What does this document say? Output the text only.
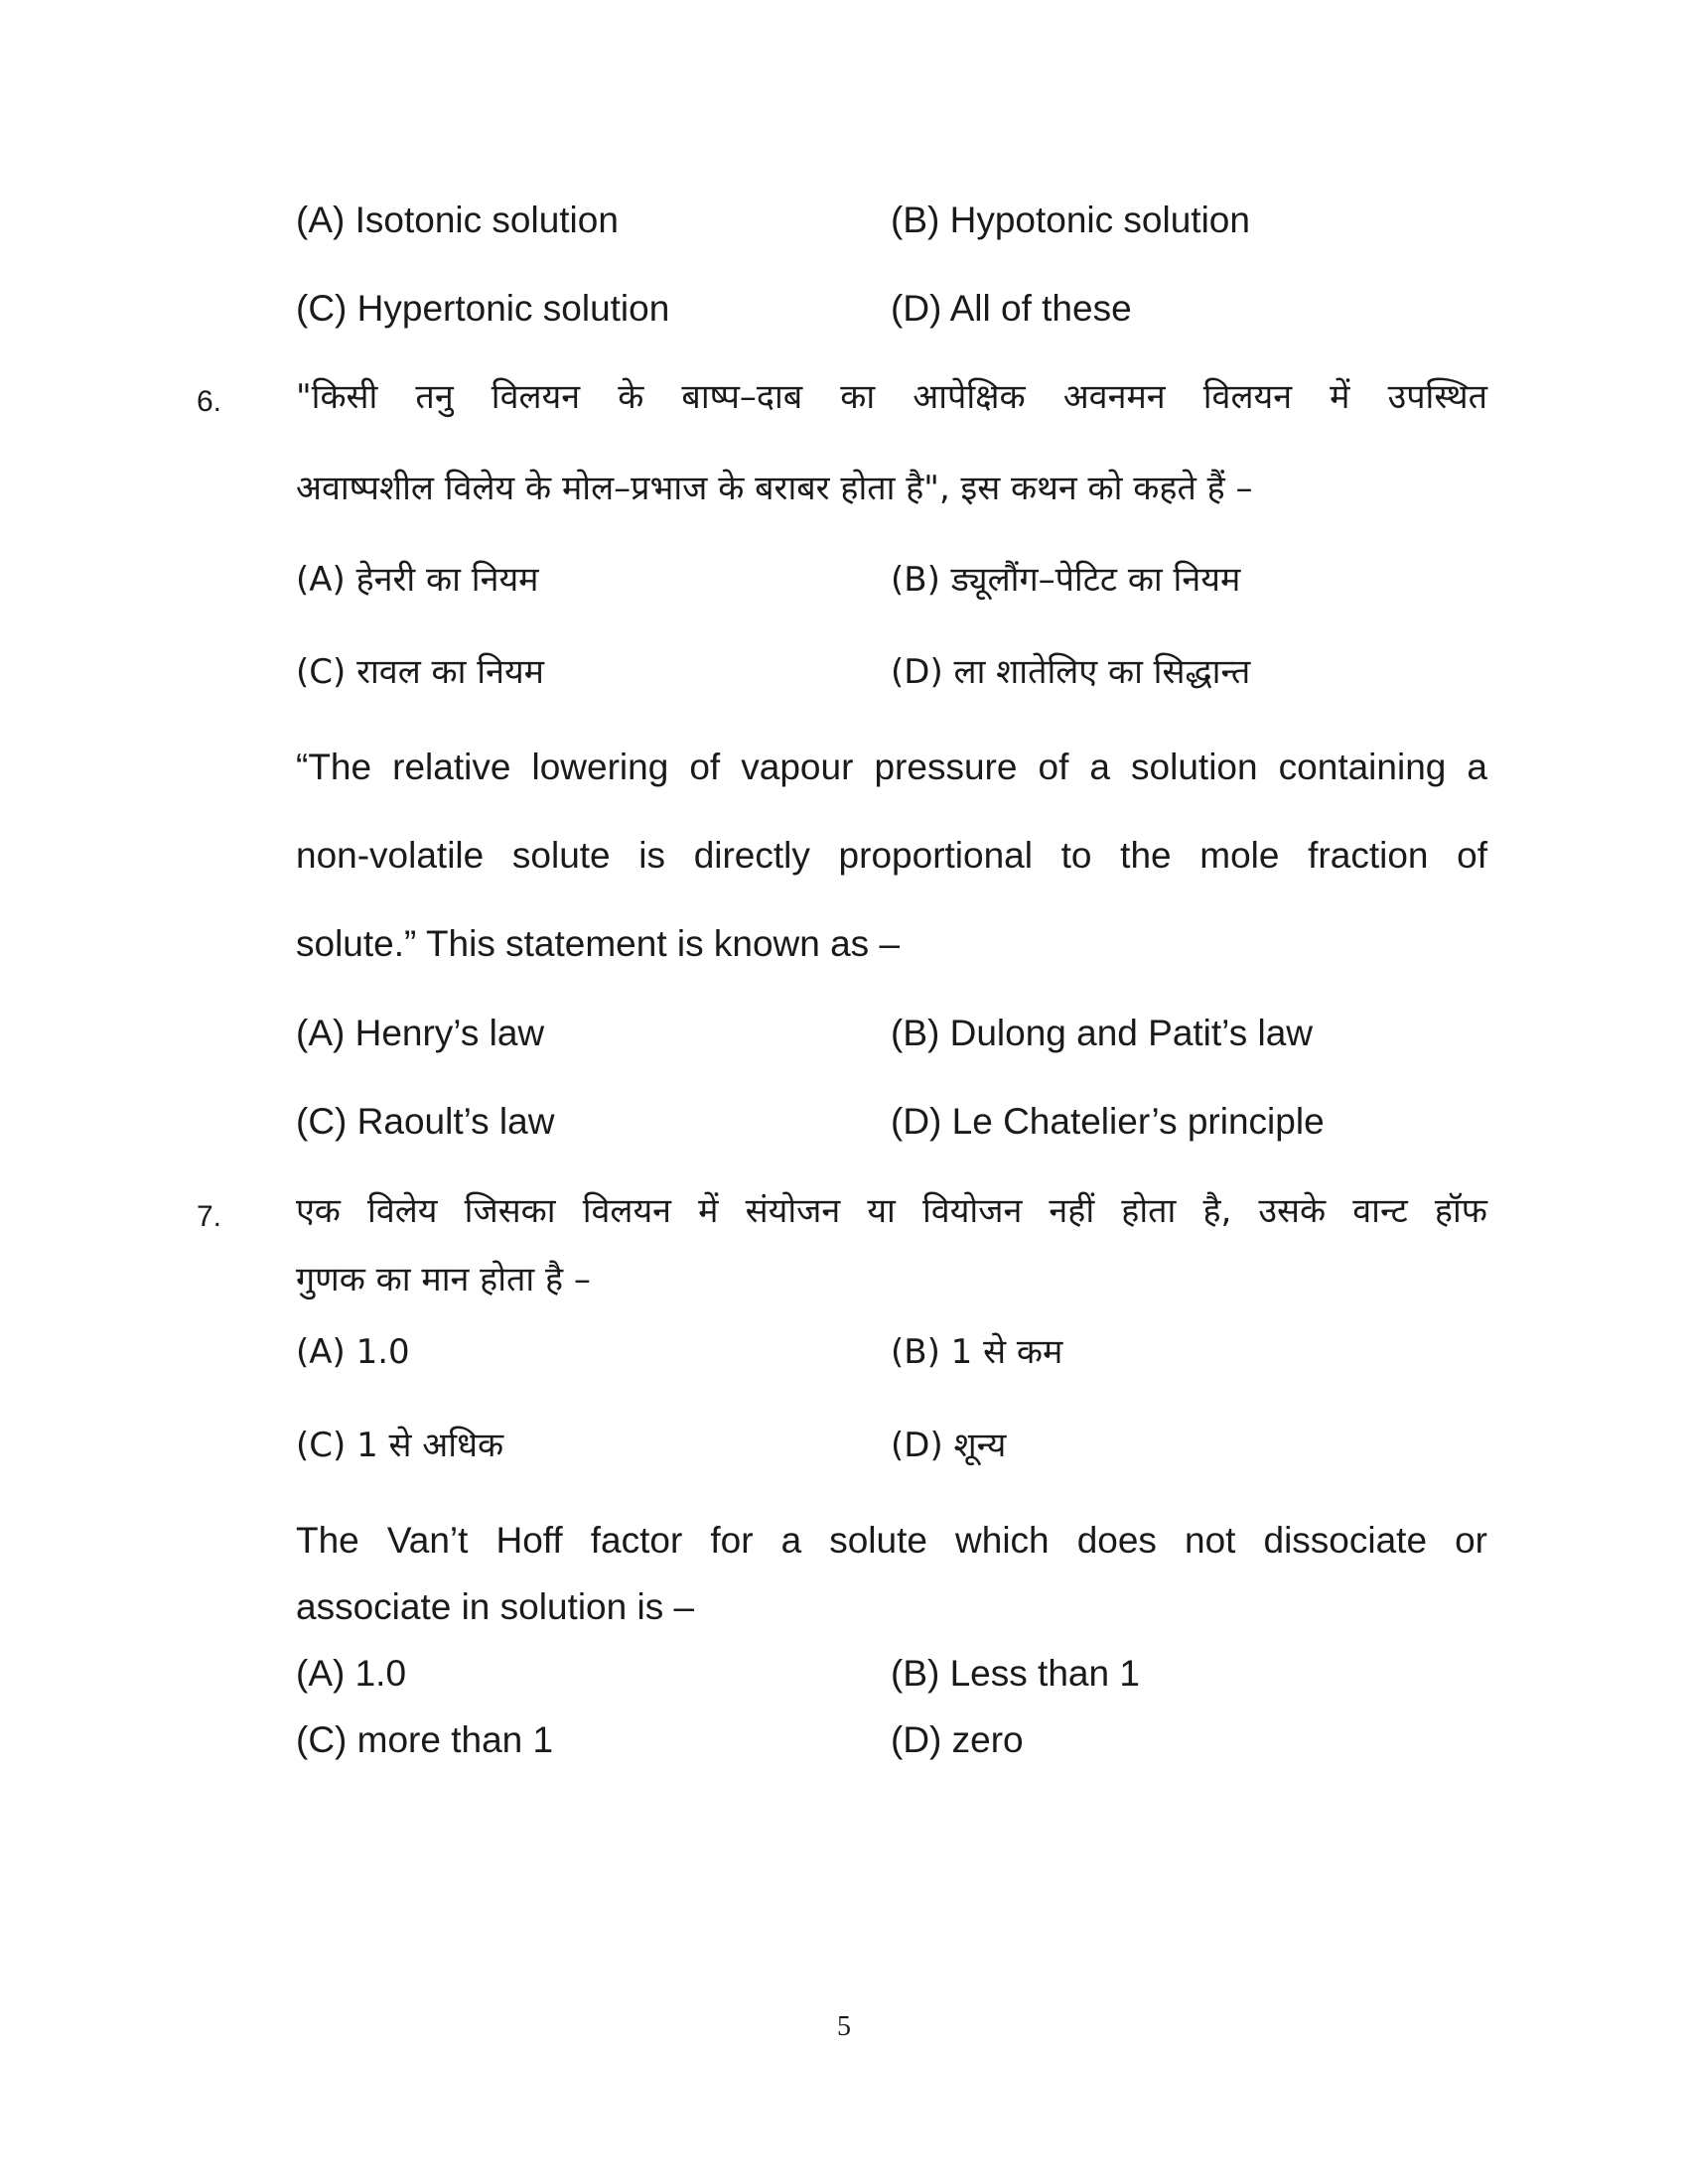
(A) Isotonic solution	(B) Hypotonic solution
(C) Hypertonic solution	(D) All of these
6. "किसी तनु विलयन के बाष्प–दाब का आपेक्षिक अवनमन विलयन में उपस्थित
अवाष्पशील विलेय के मोल–प्रभाज के बराबर होता है", इस कथन को कहते हैं –
(A) हेनरी का नियम	(B) ड्यूलौंग–पेटिट का नियम
(C) रावल का नियम	(D) ला शातेलिए का सिद्धान्त
“The relative lowering of vapour pressure of a solution containing a
non-volatile solute is directly proportional to the mole fraction of
solute.” This statement is known as –
(A) Henry’s law	(B) Dulong and Patit’s law
(C) Raoult’s law	(D) Le Chatelier’s principle
7. एक विलेय जिसका विलयन में संयोजन या वियोजन नहीं होता है, उसके वान्ट हॉफ
गुणक का मान होता है –
(A) 1.0	(B) 1 से कम
(C) 1 से अधिक	(D) शून्य
The Van’t Hoff factor for a solute which does not dissociate or
associate in solution is –
(A) 1.0	(B) Less than 1
(C) more than 1	(D) zero
5
